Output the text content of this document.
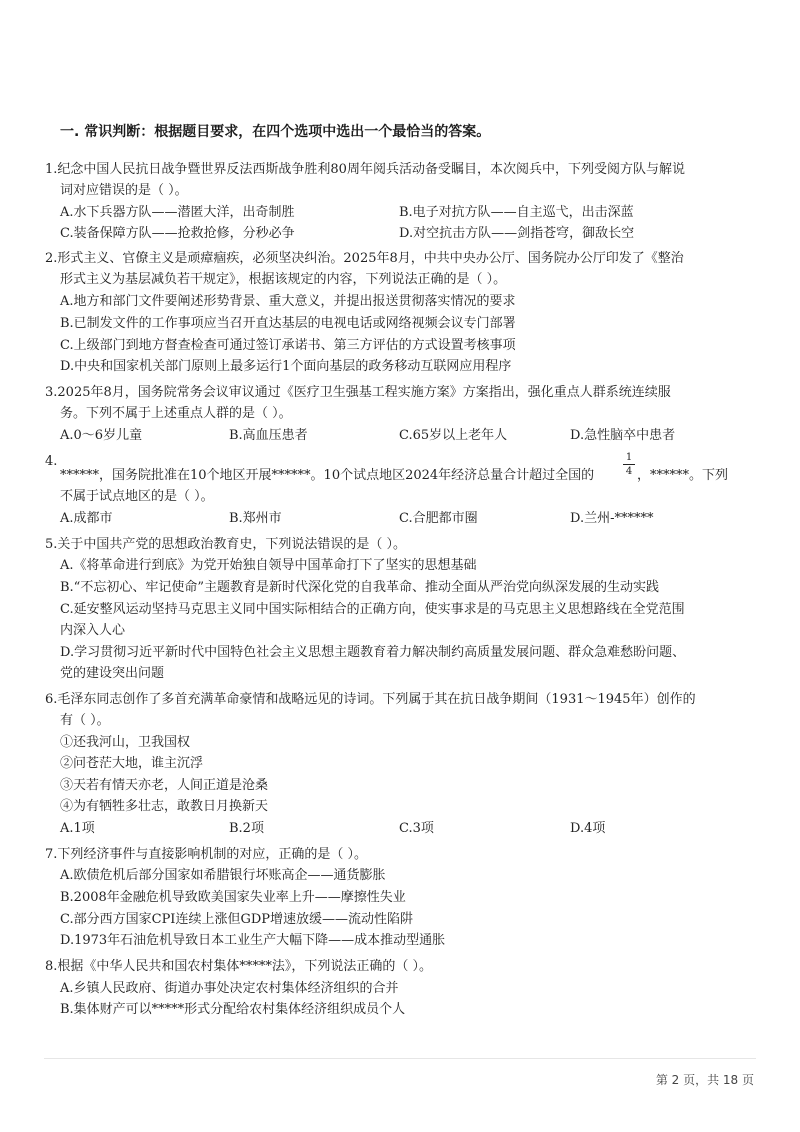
一. 常识判断：根据题目要求，在四个选项中选出一个最恰当的答案。
1.纪念中国人民抗日战争暨世界反法西斯战争胜利80周年阅兵活动备受瞩目，本次阅兵中，下列受阅方队与解说
词对应错误的是（ ）。
A.水下兵器方队——潜匿大洋，出奇制胜	B.电子对抗方队——自主巡弋，出击深蓝
C.装备保障方队——抢救抢修，分秒必争	D.对空抗击方队——剑指苍穹，御敌长空
2.形式主义、官僚主义是顽瘴痼疾，必须坚决纠治。2025年8月，中共中央办公厅、国务院办公厅印发了《整治
形式主义为基层减负若干规定》，根据该规定的内容，下列说法正确的是（ ）。
A.地方和部门文件要阐述形势背景、重大意义，并提出报送贯彻落实情况的要求
B.已制发文件的工作事项应当召开直达基层的电视电话或网络视频会议专门部署
C.上级部门到地方督查检查可通过签订承诺书、第三方评估的方式设置考核事项
D.中央和国家机关部门原则上最多运行1个面向基层的政务移动互联网应用程序
3.2025年8月，国务院常务会议审议通过《医疗卫生强基工程实施方案》方案指出，强化重点人群系统连续服
务。下列不属于上述重点人群的是（ ）。
A.0～6岁儿童	B.高血压患者	C.65岁以上老年人	D.急性脑卒中患者
4.
******，国务院批准在10个地区开展******。10个试点地区2024年经济总量合计超过全国的
1
4 ，******。下列
不属于试点地区的是（ ）。
A.成都市	B.郑州市	C.合肥都市圈	D.兰州-******
5.关于中国共产党的思想政治教育史，下列说法错误的是（ ）。
A.《将革命进行到底》为党开始独自领导中国革命打下了坚实的思想基础
B.“不忘初心、牢记使命”主题教育是新时代深化党的自我革命、推动全面从严治党向纵深发展的生动实践
C.延安整风运动坚持马克思主义同中国实际相结合的正确方向，使实事求是的马克思主义思想路线在全党范围
内深入人心
D.学习贯彻习近平新时代中国特色社会主义思想主题教育着力解决制约高质量发展问题、群众急难愁盼问题、
党的建设突出问题
6.毛泽东同志创作了多首充满革命豪情和战略远见的诗词。下列属于其在抗日战争期间（1931～1945年）创作的
有（ ）。
①还我河山，卫我国权
②问苍茫大地，谁主沉浮
③天若有情天亦老，人间正道是沧桑
④为有牺牲多壮志，敢教日月换新天
A.1项	B.2项	C.3项	D.4项
7.下列经济事件与直接影响机制的对应，正确的是（ ）。
A.欧债危机后部分国家如希腊银行坏账高企——通货膨胀
B.2008年金融危机导致欧美国家失业率上升——摩擦性失业
C.部分西方国家CPI连续上涨但GDP增速放缓——流动性陷阱
D.1973年石油危机导致日本工业生产大幅下降——成本推动型通胀
8.根据《中华人民共和国农村集体*****法》，下列说法正确的（ ）。
A.乡镇人民政府、街道办事处决定农村集体经济组织的合并
B.集体财产可以*****形式分配给农村集体经济组织成员个人
第 2 页，共 18 页
